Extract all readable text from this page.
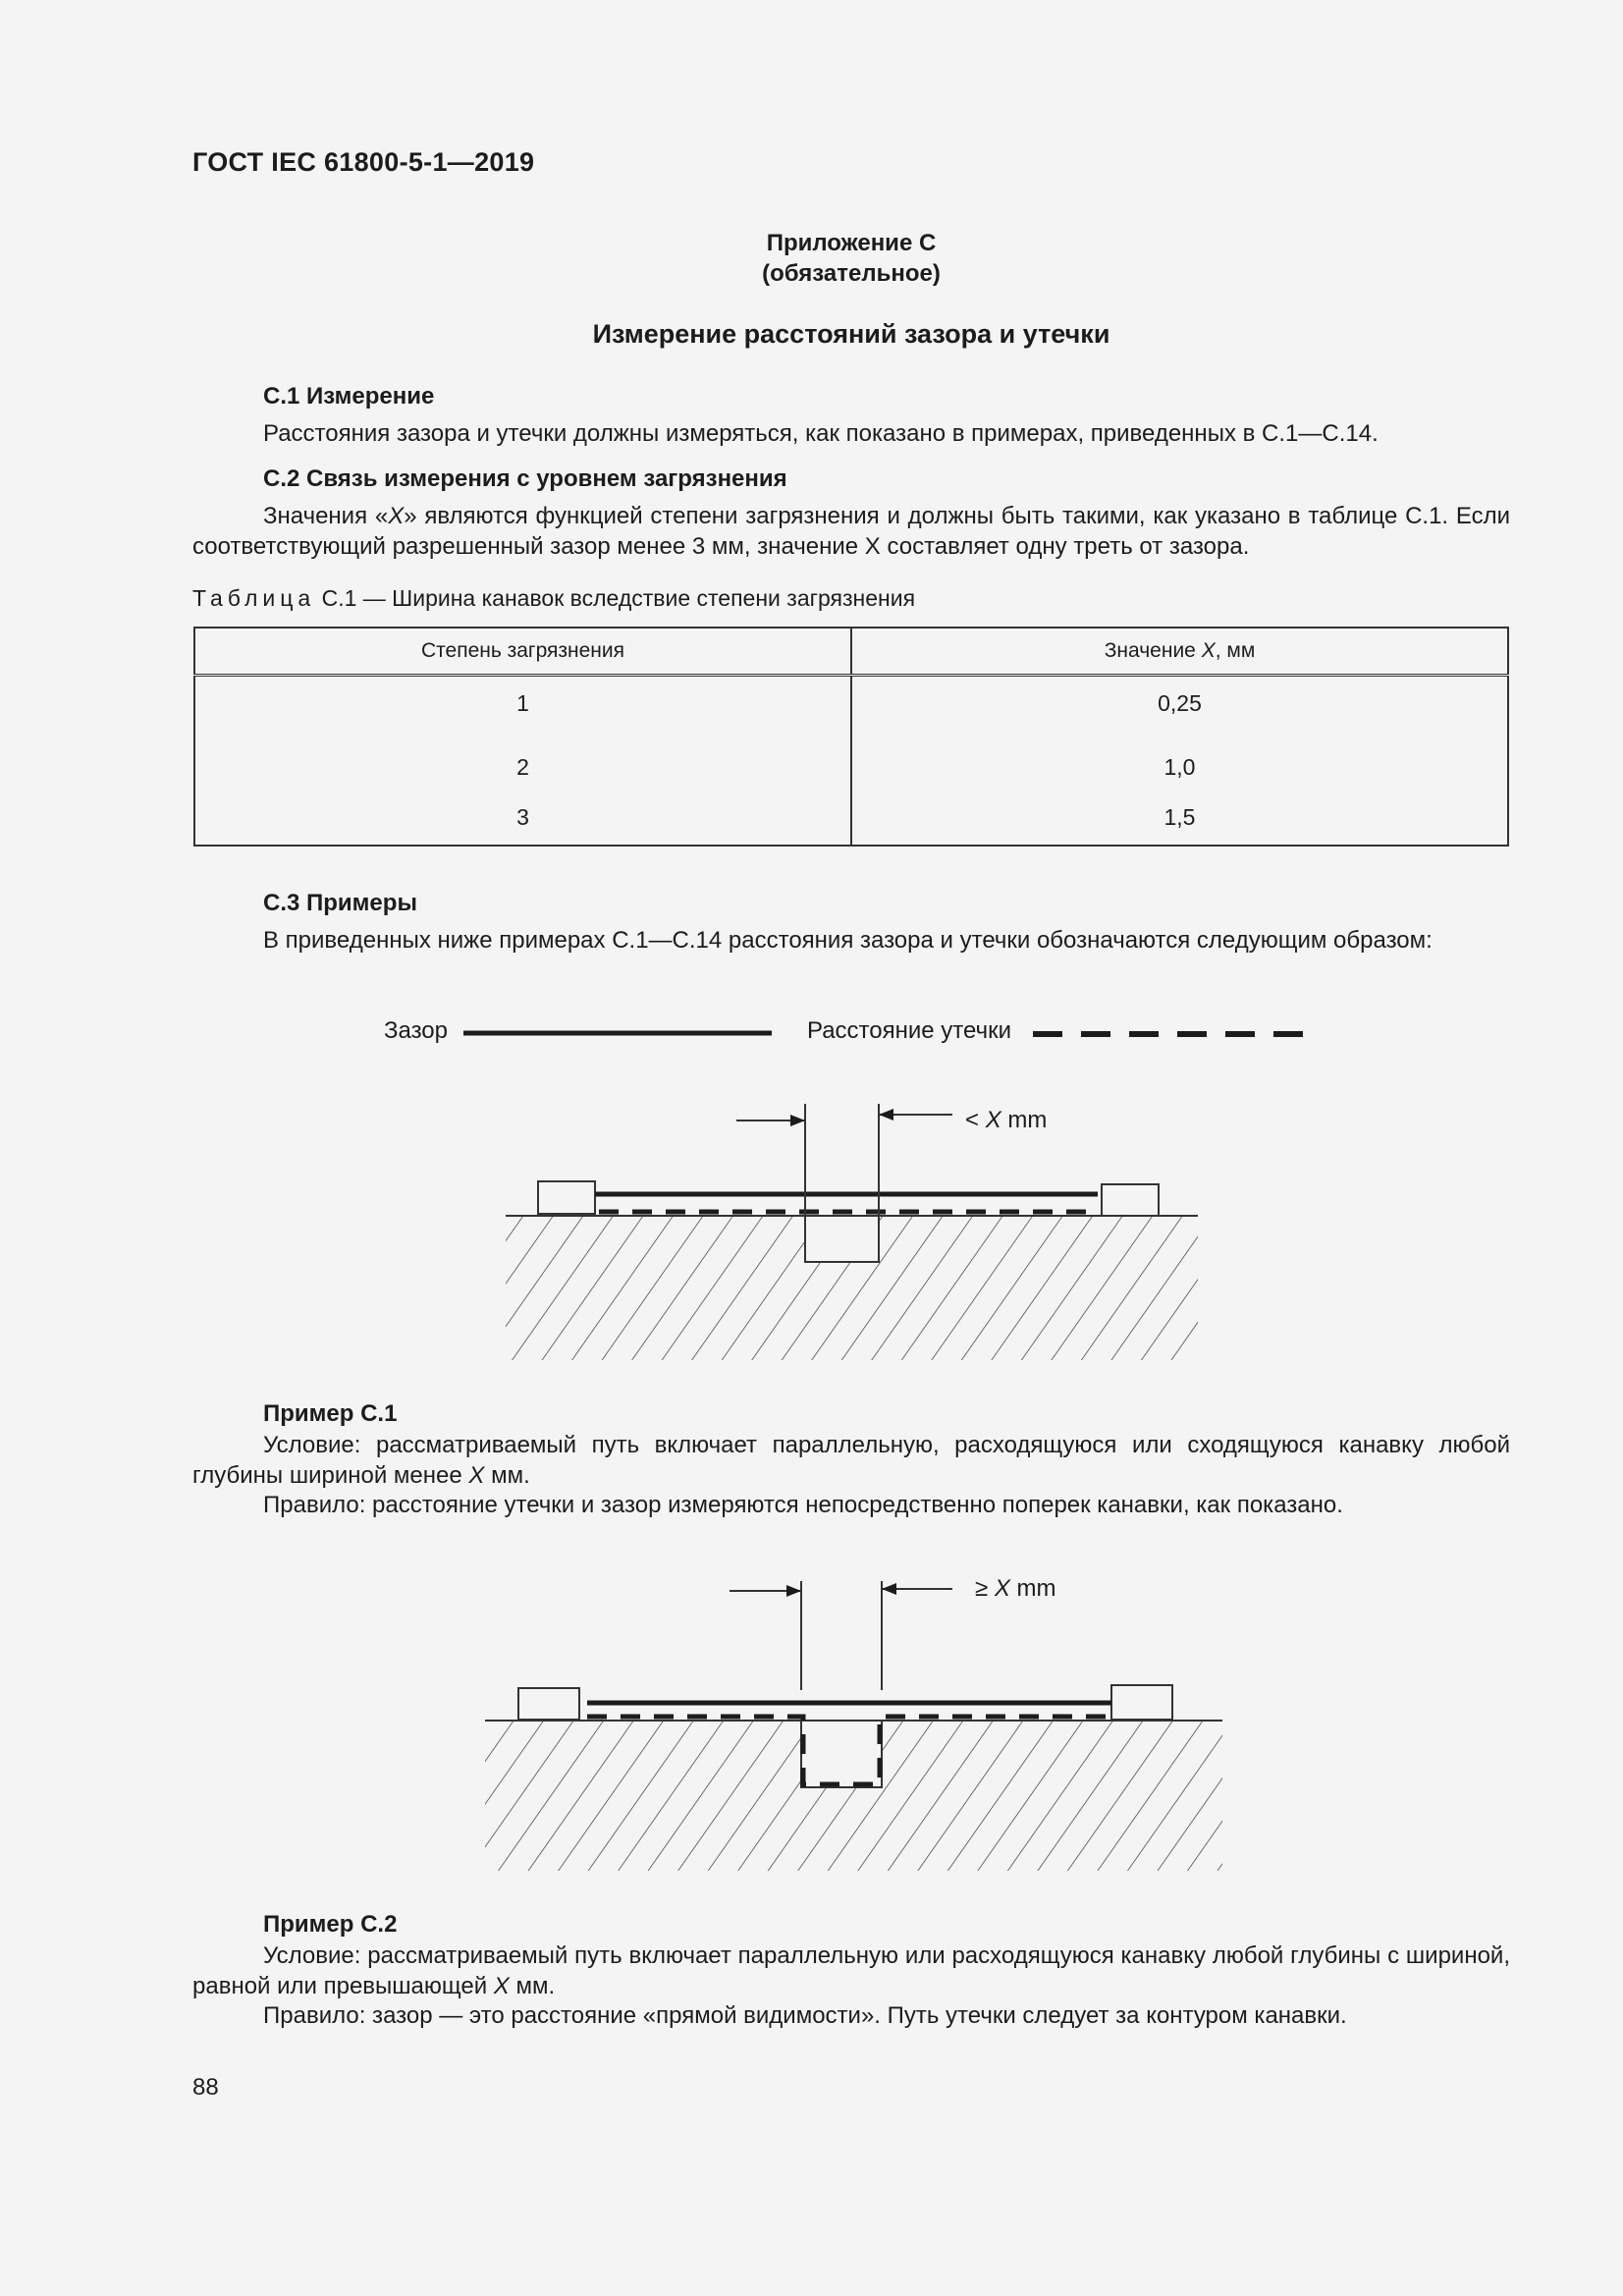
ГОСТ IEC 61800-5-1—2019
Приложение С
(обязательное)
Измерение расстояний зазора и утечки
С.1 Измерение
Расстояния зазора и утечки должны измеряться, как показано в примерах, приведенных в С.1—С.14.
С.2 Связь измерения с уровнем загрязнения
Значения «X» являются функцией степени загрязнения и должны быть такими, как указано в таблице С.1. Если соответствующий разрешенный зазор менее 3 мм, значение X составляет одну треть от зазора.
Таблица С.1 — Ширина канавок вследствие степени загрязнения
Степень загрязнения	Значение X, мм
1	0,25
2	1,0
3	1,5
С.3 Примеры
В приведенных ниже примерах С.1—С.14 расстояния зазора и утечки обозначаются следующим образом:
Зазор	Расстояние утечки
< X mm
Пример С.1
Условие: рассматриваемый путь включает параллельную, расходящуюся или сходящуюся канавку любой глубины шириной менее X мм.
Правило: расстояние утечки и зазор измеряются непосредственно поперек канавки, как показано.
≥ X mm
Пример С.2
Условие: рассматриваемый путь включает параллельную или расходящуюся канавку любой глубины с шириной, равной или превышающей X мм.
Правило: зазор — это расстояние «прямой видимости». Путь утечки следует за контуром канавки.
88
